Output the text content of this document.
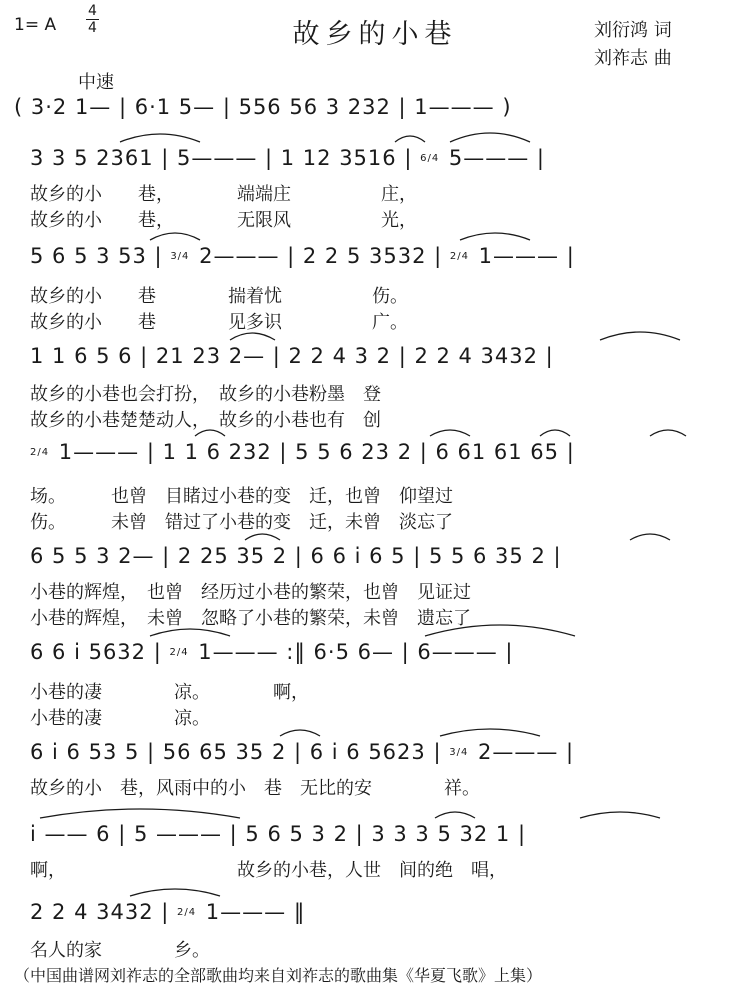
1= A
4
4	故乡的小巷	刘衍鸿 词
刘祚志 曲
中速
( 3·2 1— | 6·1 5— | 556 56 3 232 | 1——— )
3 3 5 2361 | 5——— | 1 12 3516 | 6/4 5——— |
故乡的小　　巷，　　　　端端庄　　　　　庄，
故乡的小　　巷，　　　　无限风　　　　　光，
5 6 5 3 53 | 3/4 2——— | 2 2 5 3532 | 2/4 1——— |
故乡的小　　巷　　　　揣着忧　　　　　伤。
故乡的小　　巷　　　　见多识　　　　　广。
1 1 6 5 6 | 21 23 2— | 2 2 4 3 2 | 2 2 4 3432 |
故乡的小巷也会打扮，　故乡的小巷粉墨　登
故乡的小巷楚楚动人，　故乡的小巷也有　创
2/4 1——— | 1 1 6 232 | 5 5 6 23 2 | 6 61 61 65 |
场。　　　也曾　目睹过小巷的变　迁，也曾　仰望过
伤。　　　未曾　错过了小巷的变　迁，未曾　淡忘了
6 5 5 3 2— | 2 25 35 2 | 6 6 i 6 5 | 5 5 6 35 2 |
小巷的辉煌，　也曾　经历过小巷的繁荣，也曾　见证过
小巷的辉煌，　未曾　忽略了小巷的繁荣，未曾　遗忘了
6 6 i 5632 | 2/4 1——— :‖ 6·5 6— | 6——— |
小巷的凄　　　　凉。　　　　啊，
小巷的凄　　　　凉。
6 i 6 53 5 | 56 65 35 2 | 6 i 6 5623 | 3/4 2——— |
故乡的小　巷，风雨中的小　巷　无比的安　　　　祥。
i —— 6 | 5 ——— | 5 6 5 3 2 | 3 3 3 5 32 1 |
啊，　　　　　　　　　　故乡的小巷，人世　间的绝　唱，
2 2 4 3432 | 2/4 1——— ‖
名人的家　　　　乡。
（中国曲谱网刘祚志的全部歌曲均来自刘祚志的歌曲集《华夏飞歌》上集）
